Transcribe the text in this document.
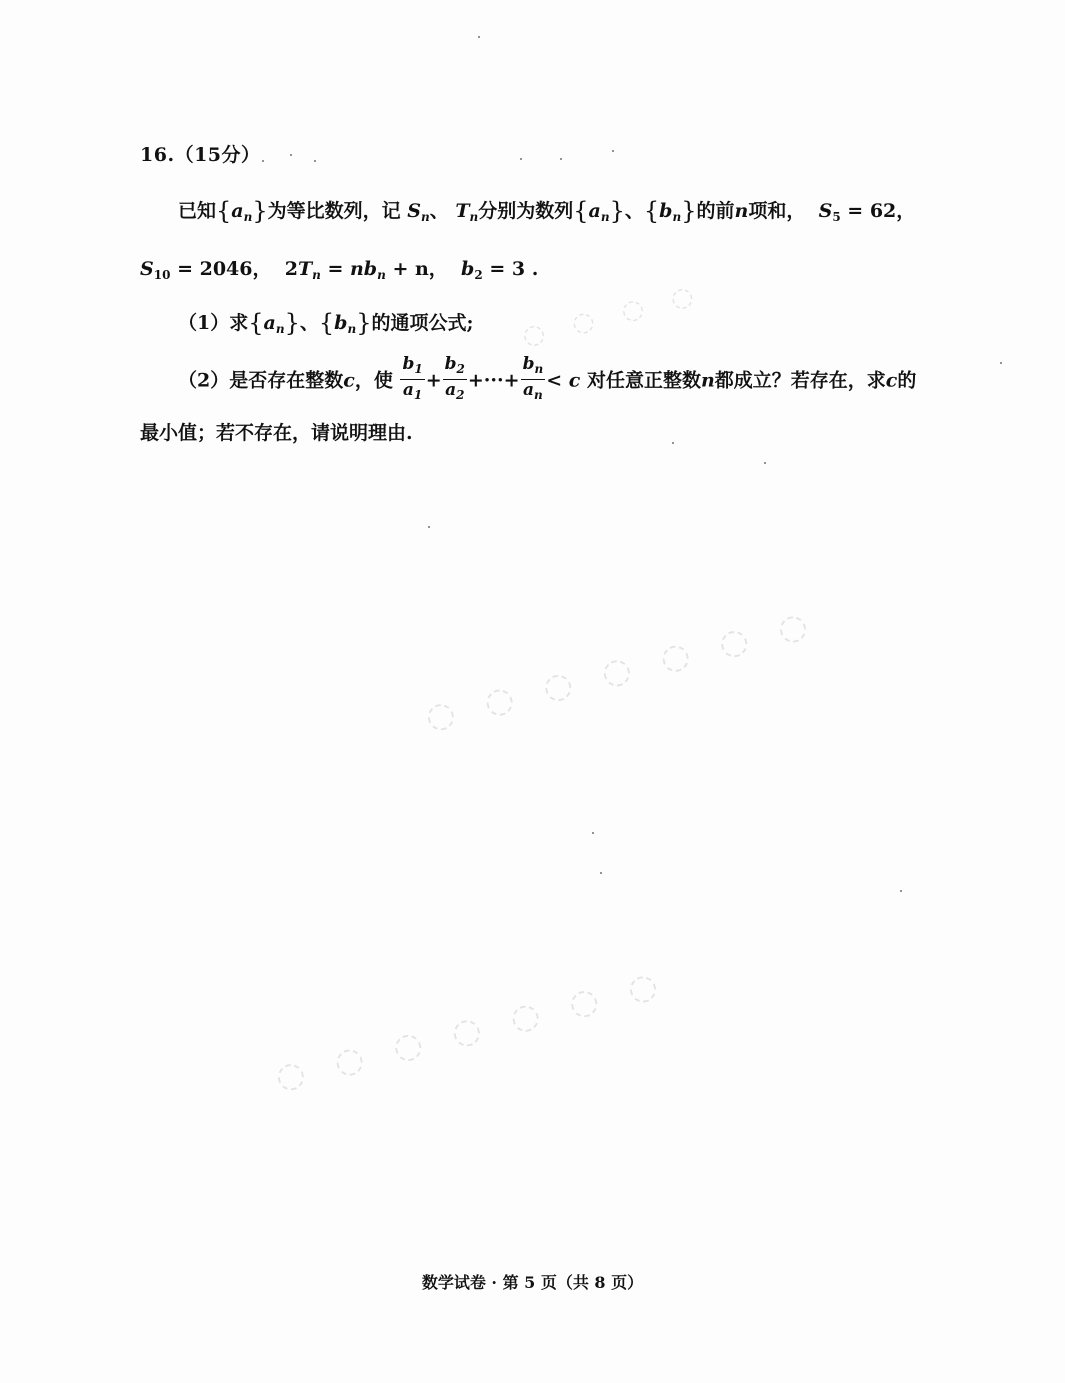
◌ ◌ ◌ ◌
◌ ◌ ◌ ◌ ◌ ◌ ◌
◌ ◌ ◌ ◌ ◌ ◌ ◌
16.（15分）
已知$\{a_n\}$为等比数列，记 $S_n$、 $T_n$分别为数列$\{a_n\}$、$\{b_n\}$的前n项和， $S_5 = 62$，
$S_{10} = 2046$， $2T_n = nb_n + n$， $b_2 = 3$ .
（1）求$\{a_n\}$、$\{b_n\}$的通项公式;
（2）是否存在整数c，使 $\frac{b_1}{a_1} + \frac{b_2}{a_2}$ +···+ $\frac{b_n}{a_n} < c$ 对任意正整数n都成立？若存在，求c的
最小值；若不存在，请说明理由.
数学试卷 · 第 5 页（共 8 页）
